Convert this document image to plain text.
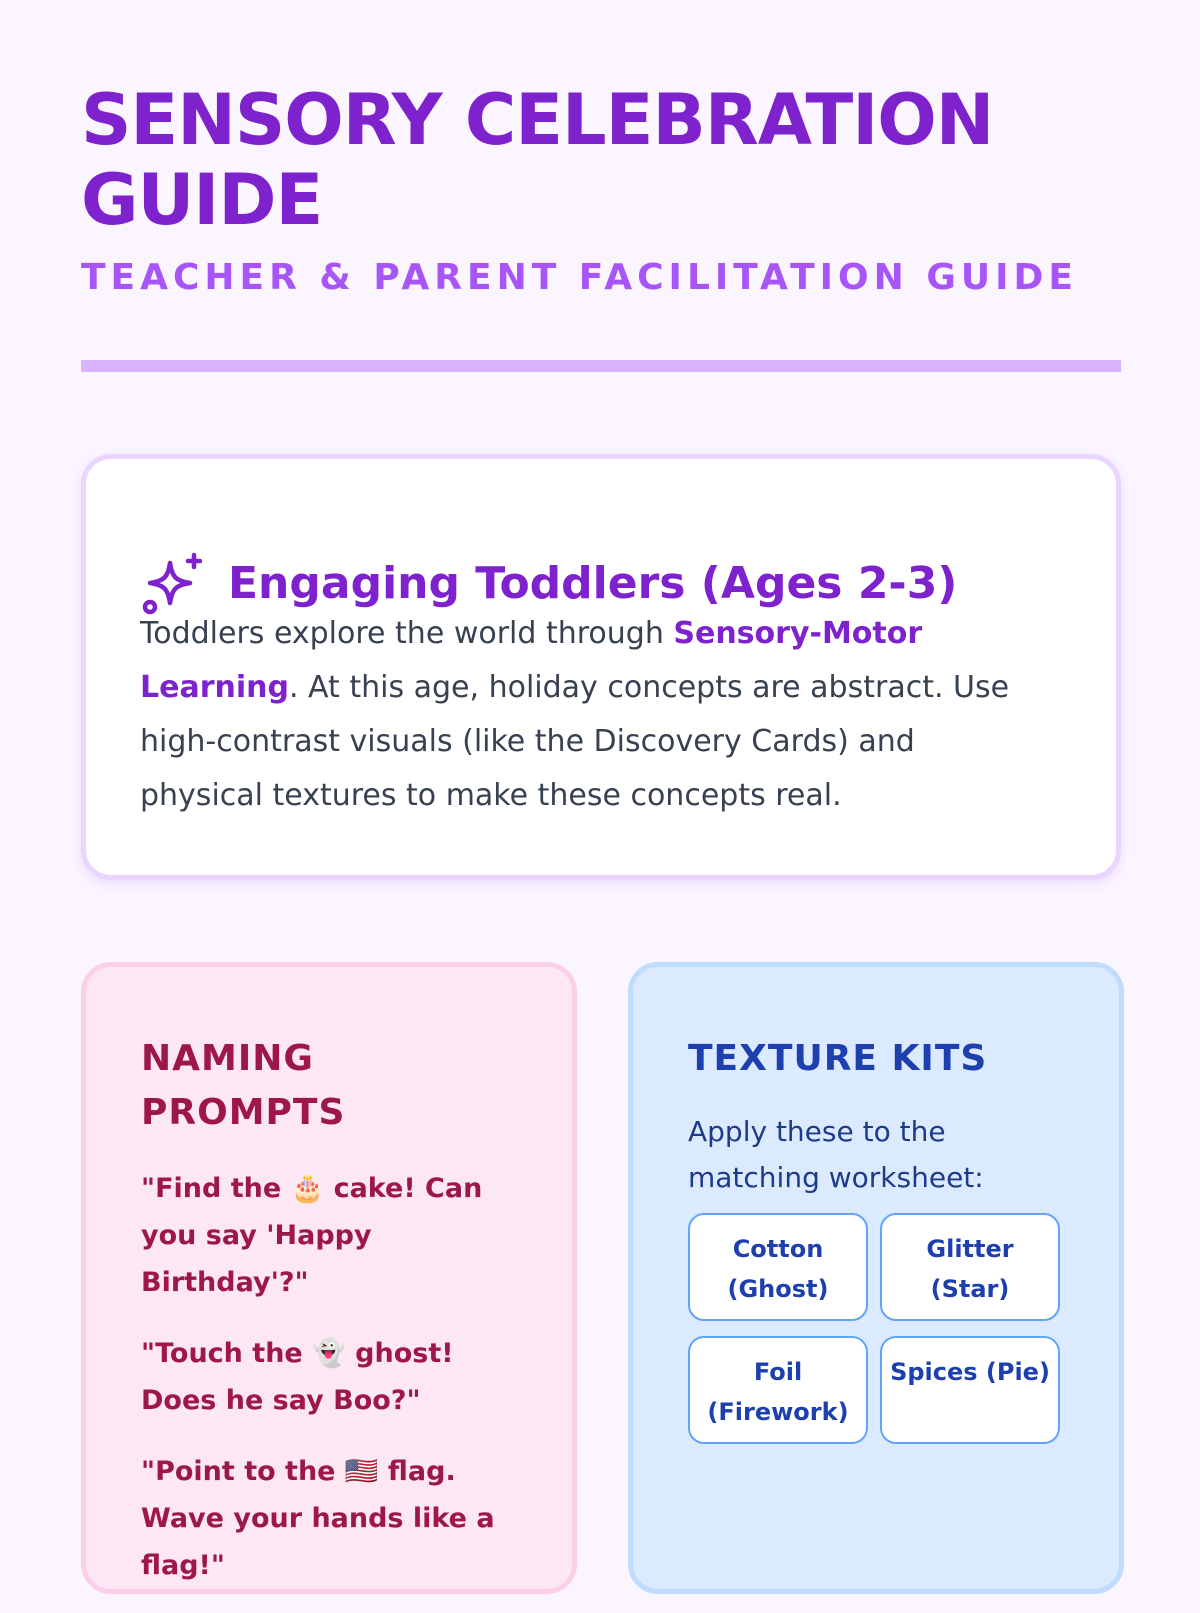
SENSORY CELEBRATION GUIDE
TEACHER & PARENT FACILITATION GUIDE
Engaging Toddlers (Ages 2-3)

Toddlers explore the world through Sensory-Motor Learning. At this age, holiday concepts are abstract. Use high-contrast visuals (like the Discovery Cards) and physical textures to make these concepts real.

NAMING PROMPTS
"Find the 🎂 cake! Can you say 'Happy Birthday'?"
"Touch the 👻 ghost! Does he say Boo?"
"Point to the 🇺🇸 flag. Wave your hands like a flag!"
TEXTURE KITS

Apply these to the matching worksheet:

Cotton (Ghost)
Glitter (Star)
Foil (Firework)
Spices (Pie)
